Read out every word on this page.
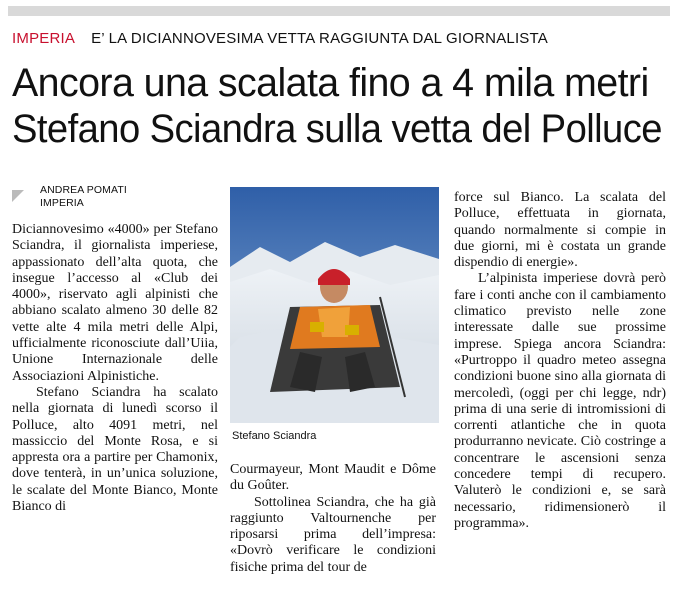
IMPERIA E’ LA DICIANNOVESIMA VETTA RAGGIUNTA DAL GIORNALISTA
Ancora una scalata fino a 4 mila metri
Stefano Sciandra sulla vetta del Polluce
ANDREA POMATI
IMPERIA

Diciannovesimo «4000» per Stefano Sciandra, il giornalista imperiese, appassionato dell’alta quota, che insegue l’accesso al «Club dei 4000», riservato agli alpinisti che abbiano scalato almeno 30 delle 82 vette alte 4 mila metri delle Alpi, ufficialmente riconosciute dall’Uiia, Unione Internazionale delle Associazioni Alpinistiche.

Stefano Sciandra ha scalato nella giornata di lunedì scorso il Polluce, alto 4091 metri, nel massiccio del Monte Rosa, e si appresta ora a partire per Chamonix, dove tenterà, in un’unica soluzione, le scalate del Monte Bianco, Monte Bianco di

Stefano Sciandra

Courmayeur, Mont Maudit e Dôme du Goûter.

Sottolinea Sciandra, che ha già raggiunto Valtournenche per riposarsi prima dell’impresa: «Dovrò verificare le condizioni fisiche prima del tour de

force sul Bianco. La scalata del Polluce, effettuata in giornata, quando normalmente si compie in due giorni, mi è costata un grande dispendio di energie».

L’alpinista imperiese dovrà però fare i conti anche con il cambiamento climatico previsto nelle zone interessate dalle sue prossime imprese. Spiega ancora Sciandra: «Purtroppo il quadro meteo assegna condizioni buone sino alla giornata di mercoledì, (oggi per chi legge, ndr) prima di una serie di intromissioni di correnti atlantiche che in quota produrranno nevicate. Ciò costringe a concentrare le ascensioni senza concedere tempi di recupero. Valuterò le condizioni e, se sarà necessario, ridimensionerò il programma».
